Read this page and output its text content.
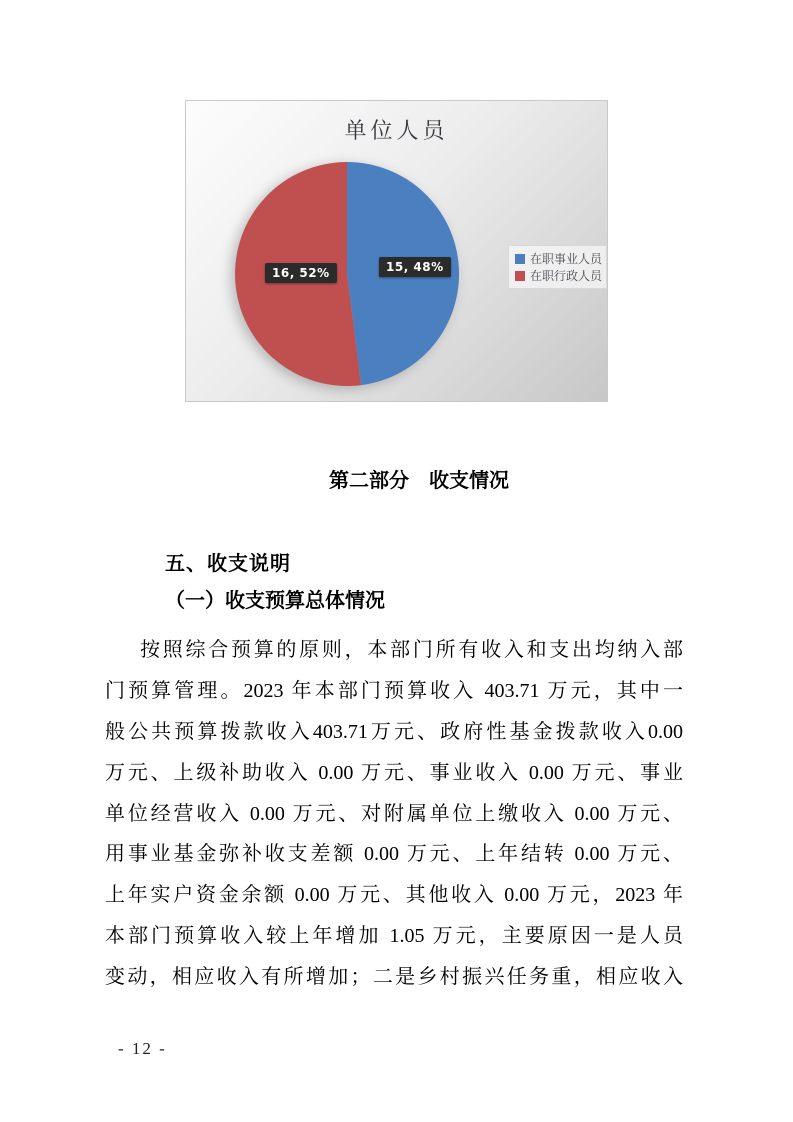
单位人员
15, 48%
16, 52%
在职事业人员
在职行政人员
第二部分　收支情况
五、收支说明
（一）收支预算总体情况
按照综合预算的原则，本部门所有收入和支出均纳入部
门预算管理。2023 年本部门预算收入 403.71 万元，其中一
般公共预算拨款收入403.71万元、政府性基金拨款收入0.00
万元、上级补助收入 0.00 万元、事业收入 0.00 万元、事业
单位经营收入 0.00 万元、对附属单位上缴收入 0.00 万元、
用事业基金弥补收支差额 0.00 万元、上年结转 0.00 万元、
上年实户资金余额 0.00 万元、其他收入 0.00 万元，2023 年
本部门预算收入较上年增加 1.05 万元，主要原因一是人员
变动，相应收入有所增加；二是乡村振兴任务重，相应收入
- 12 -
